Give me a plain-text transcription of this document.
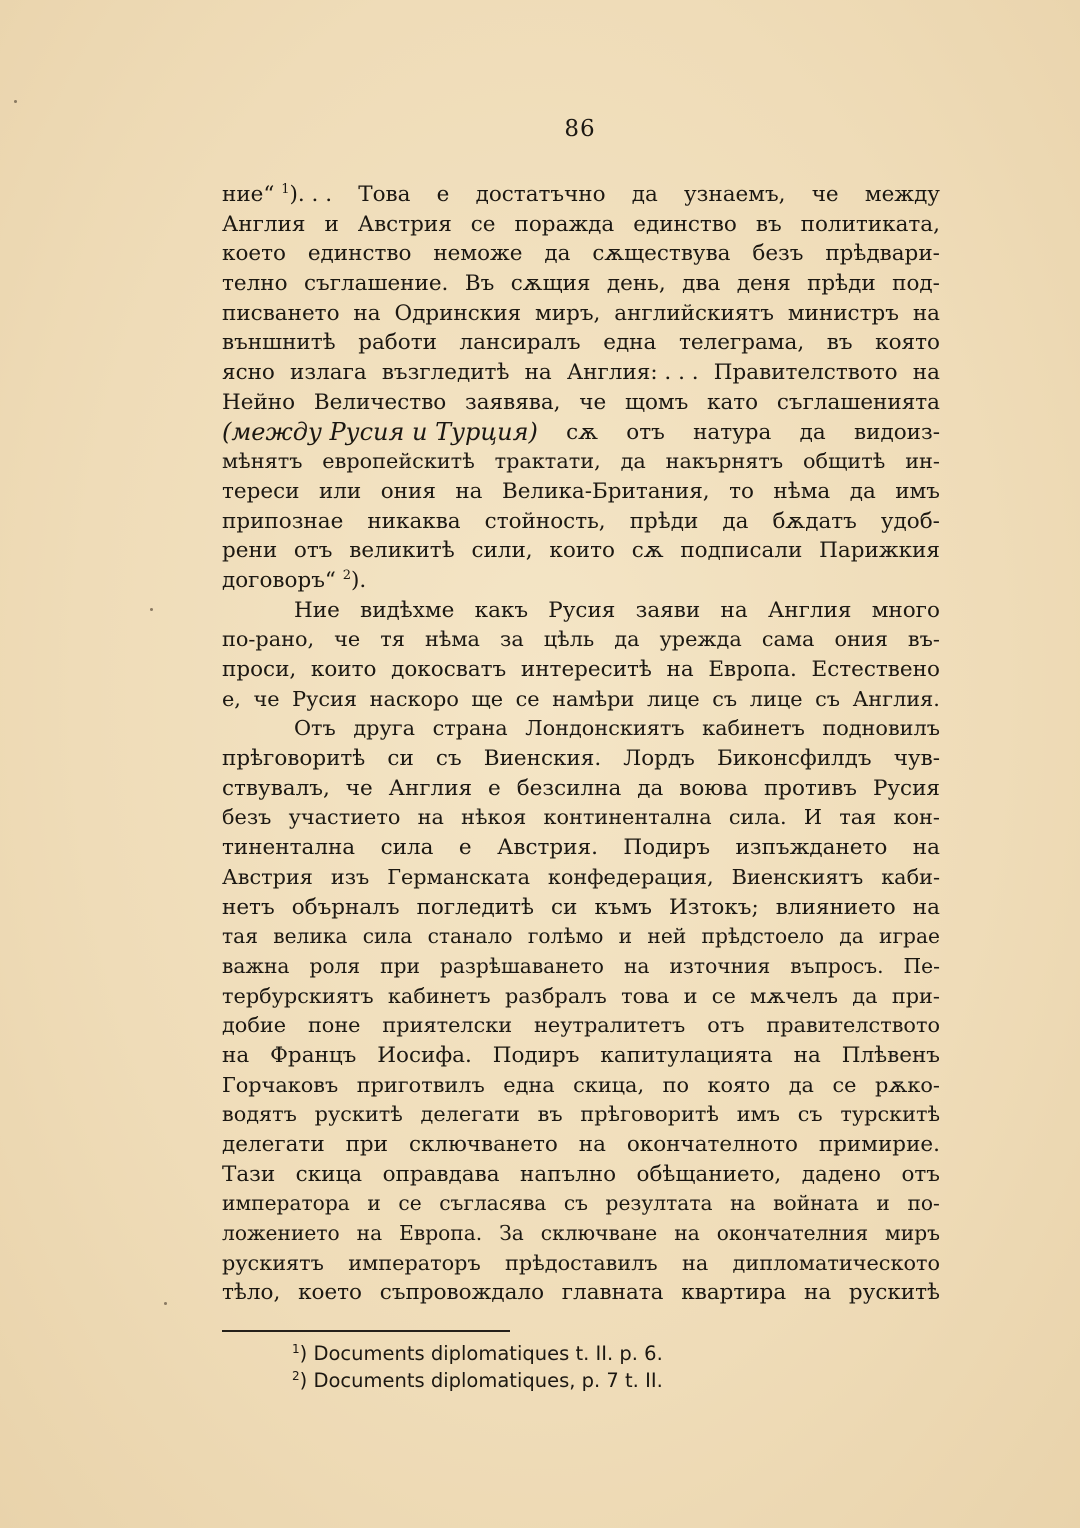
86
ние“ $^1$). . . Това е достатъчно да узнаемъ, че между
Англия и Австрия се поражда единство въ политиката,
което единство неможе да сѫществува безъ прѣдвари-
телно съглашение. Въ сѫщия день, два деня прѣди под-
писването на Одринския миръ, английскиятъ министръ на
външнитѣ работи лансиралъ една телеграма, въ която
ясно излага възгледитѣ на Англия: . . . Правителството на
Нейно Величество заявява, че щомъ като съглашенията
(между Русия и Турция) сѫ отъ натура да видоиз-
мѣнятъ европейскитѣ трактати, да накърнятъ общитѣ ин-
тереси или ония на Велика-Британия, то нѣма да имъ
припознае никаква стойность, прѣди да бѫдатъ удоб-
рени отъ великитѣ сили, които сѫ подписали Парижкия
договоръ“ $^2$).
Ние видѣхме какъ Русия заяви на Англия много
по-рано, че тя нѣма за цѣль да урежда сама ония въ-
проси, които докосватъ интереситѣ на Европа. Естествено
е, че Русия наскоро ще се намѣри лице съ лице съ Англия.
Отъ друга страна Лондонскиятъ кабинетъ подновилъ
прѣговоритѣ си съ Виенския. Лордъ Биконсфилдъ чув-
ствувалъ, че Англия е безсилна да воюва противъ Русия
безъ участието на нѣкоя континентална сила. И тая кон-
тинентална сила е Австрия. Подиръ изпъждането на
Австрия изъ Германската конфедерация, Виенскиятъ каби-
нетъ обърналъ погледитѣ си къмъ Изтокъ; влиянието на
тая велика сила станало голѣмо и ней прѣдстоело да играе
важна роля при разрѣшаването на източния въпросъ. Пе-
тербурскиятъ кабинетъ разбралъ това и се мѫчелъ да при-
добие поне приятелски неутралитетъ отъ правителството
на Францъ Иосифа. Подиръ капитулацията на Плѣвенъ
Горчаковъ приготвилъ една скица, по която да се рѫко-
водятъ рускитѣ делегати въ прѣговоритѣ имъ съ турскитѣ
делегати при сключването на окончателното примирие.
Тази скица оправдава напълно обѣщанието, дадено отъ
императора и се съгласява съ резултата на войната и по-
ложението на Европа. За сключване на окончателния миръ
рускиятъ императоръ прѣдоставилъ на дипломатическото
тѣло, което съпровождало главната квартира на рускитѣ
$^1$) Documents diplomatiques t. II. p. 6.
$^2$) Documents diplomatiques, p. 7 t. II.
